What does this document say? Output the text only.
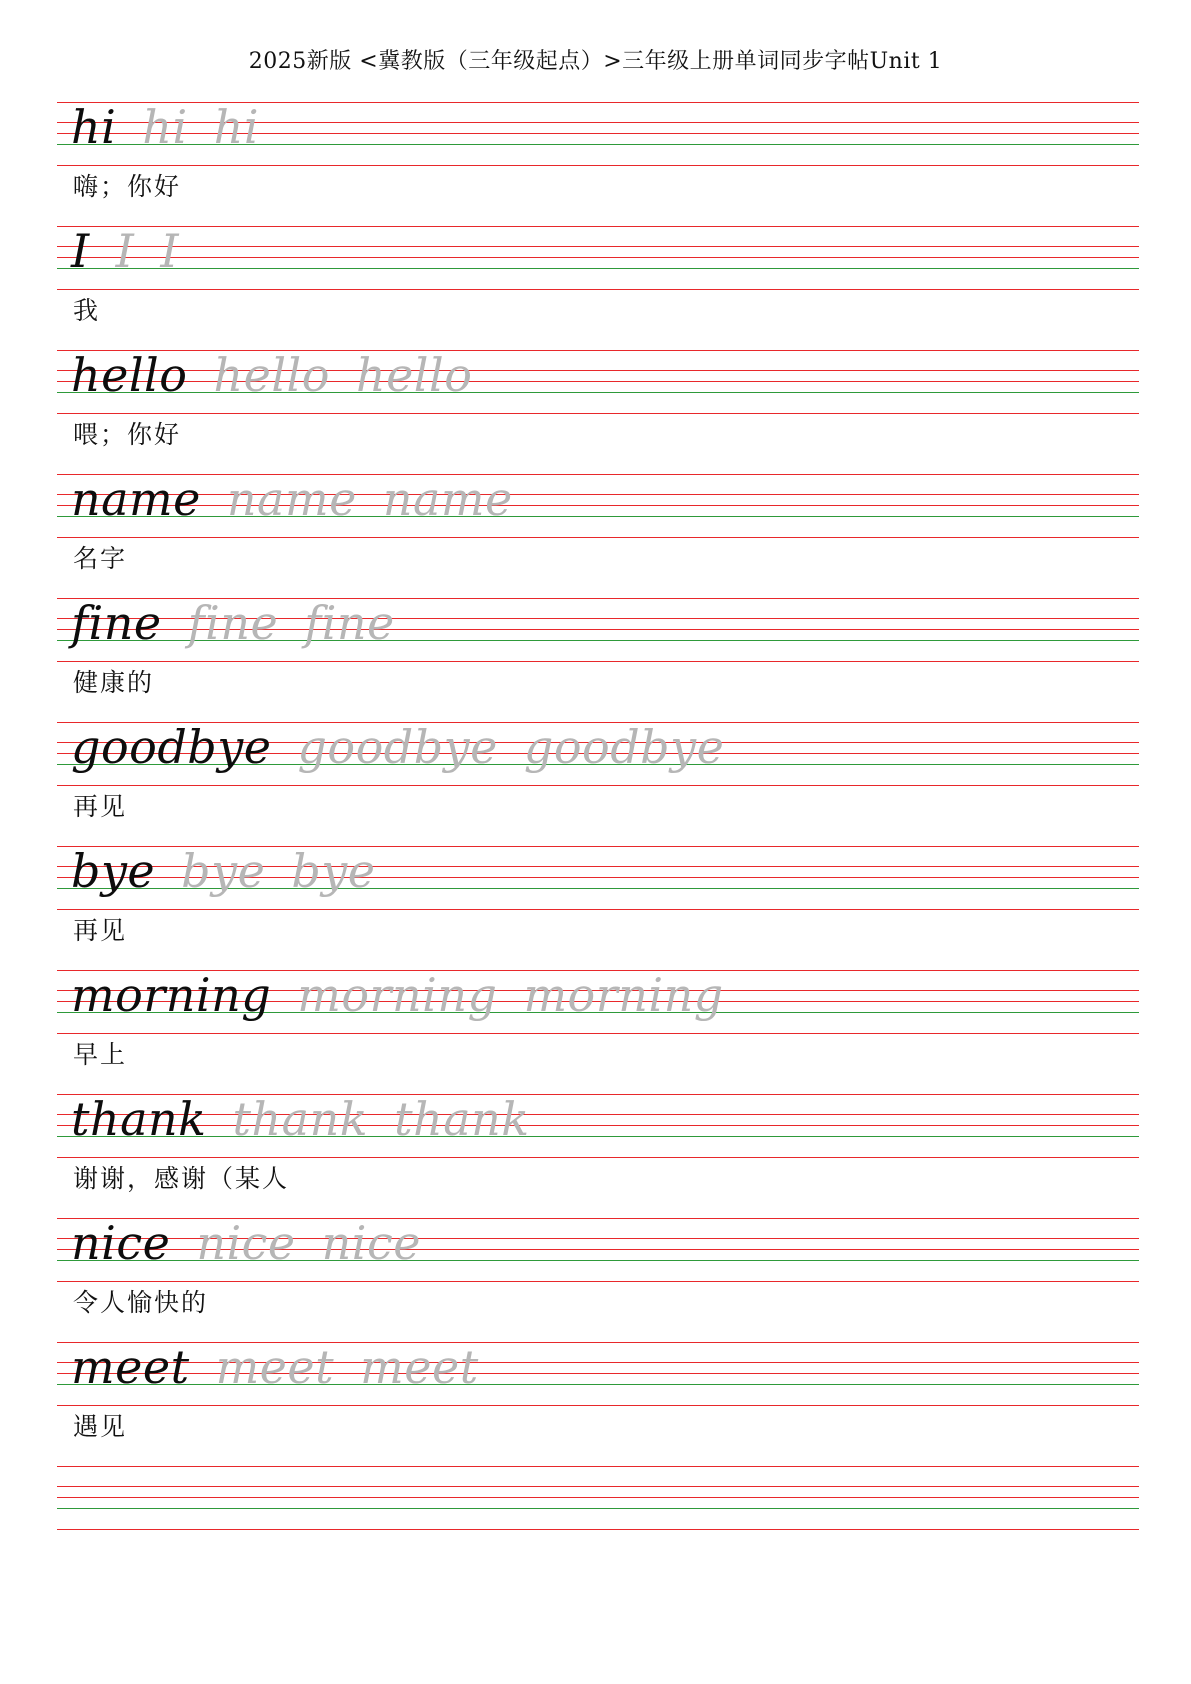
2025新版 <冀教版（三年级起点）>三年级上册单词同步字帖Unit 1
hi hi hi
嗨；你好
I I I
我
hello hello hello
喂；你好
name name name
名字
fine fine fine
健康的
goodbye goodbye goodbye
再见
bye bye bye
再见
morning morning morning
早上
thank thank thank
谢谢，感谢（某人
nice nice nice
令人愉快的
meet meet meet
遇见
